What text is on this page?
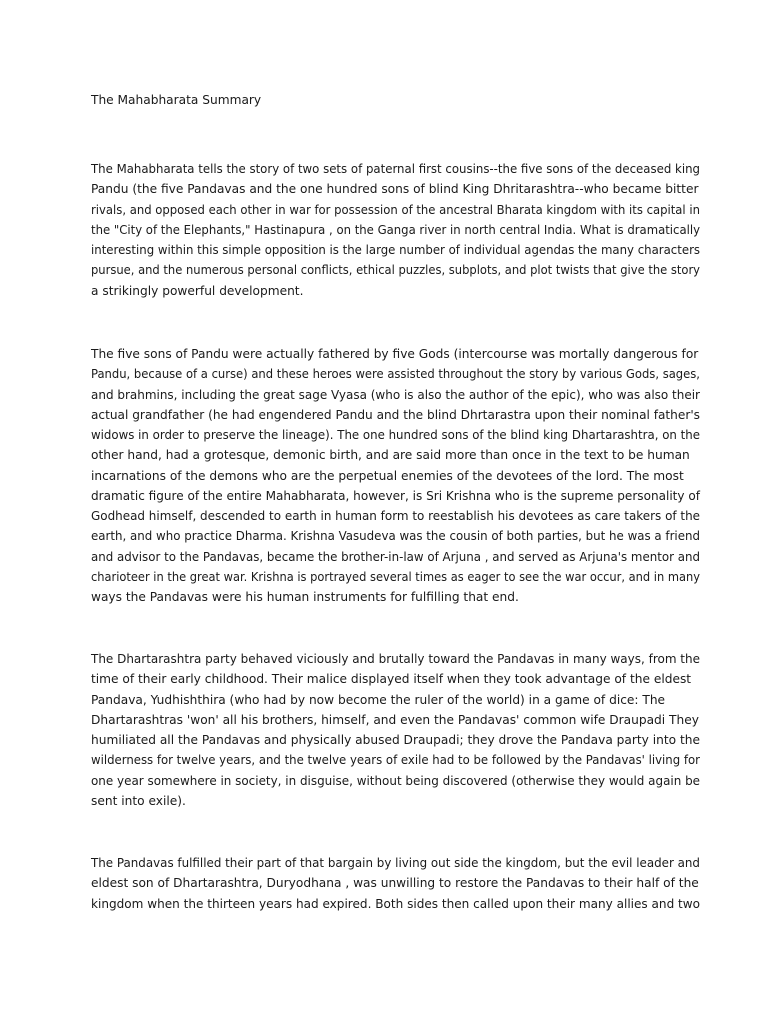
The Mahabharata Summary
The Mahabharata tells the story of two sets of paternal first cousins--the five sons of the deceased king
Pandu (the five Pandavas and the one hundred sons of blind King Dhritarashtra--who became bitter
rivals, and opposed each other in war for possession of the ancestral Bharata kingdom with its capital in
the "City of the Elephants," Hastinapura , on the Ganga river in north central India. What is dramatically
interesting within this simple opposition is the large number of individual agendas the many characters
pursue, and the numerous personal conflicts, ethical puzzles, subplots, and plot twists that give the story
a strikingly powerful development.
The five sons of Pandu were actually fathered by five Gods (intercourse was mortally dangerous for
Pandu, because of a curse) and these heroes were assisted throughout the story by various Gods, sages,
and brahmins, including the great sage Vyasa (who is also the author of the epic), who was also their
actual grandfather (he had engendered Pandu and the blind Dhrtarastra upon their nominal father's
widows in order to preserve the lineage). The one hundred sons of the blind king Dhartarashtra, on the
other hand, had a grotesque, demonic birth, and are said more than once in the text to be human
incarnations of the demons who are the perpetual enemies of the devotees of the lord. The most
dramatic figure of the entire Mahabharata, however, is Sri Krishna who is the supreme personality of
Godhead himself, descended to earth in human form to reestablish his devotees as care takers of the
earth, and who practice Dharma. Krishna Vasudeva was the cousin of both parties, but he was a friend
and advisor to the Pandavas, became the brother-in-law of Arjuna , and served as Arjuna's mentor and
charioteer in the great war. Krishna is portrayed several times as eager to see the war occur, and in many
ways the Pandavas were his human instruments for fulfilling that end.
The Dhartarashtra party behaved viciously and brutally toward the Pandavas in many ways, from the
time of their early childhood. Their malice displayed itself when they took advantage of the eldest
Pandava, Yudhishthira (who had by now become the ruler of the world) in a game of dice: The
Dhartarashtras 'won' all his brothers, himself, and even the Pandavas' common wife Draupadi They
humiliated all the Pandavas and physically abused Draupadi; they drove the Pandava party into the
wilderness for twelve years, and the twelve years of exile had to be followed by the Pandavas' living for
one year somewhere in society, in disguise, without being discovered (otherwise they would again be
sent into exile).
The Pandavas fulfilled their part of that bargain by living out side the kingdom, but the evil leader and
eldest son of Dhartarashtra, Duryodhana , was unwilling to restore the Pandavas to their half of the
kingdom when the thirteen years had expired. Both sides then called upon their many allies and two
